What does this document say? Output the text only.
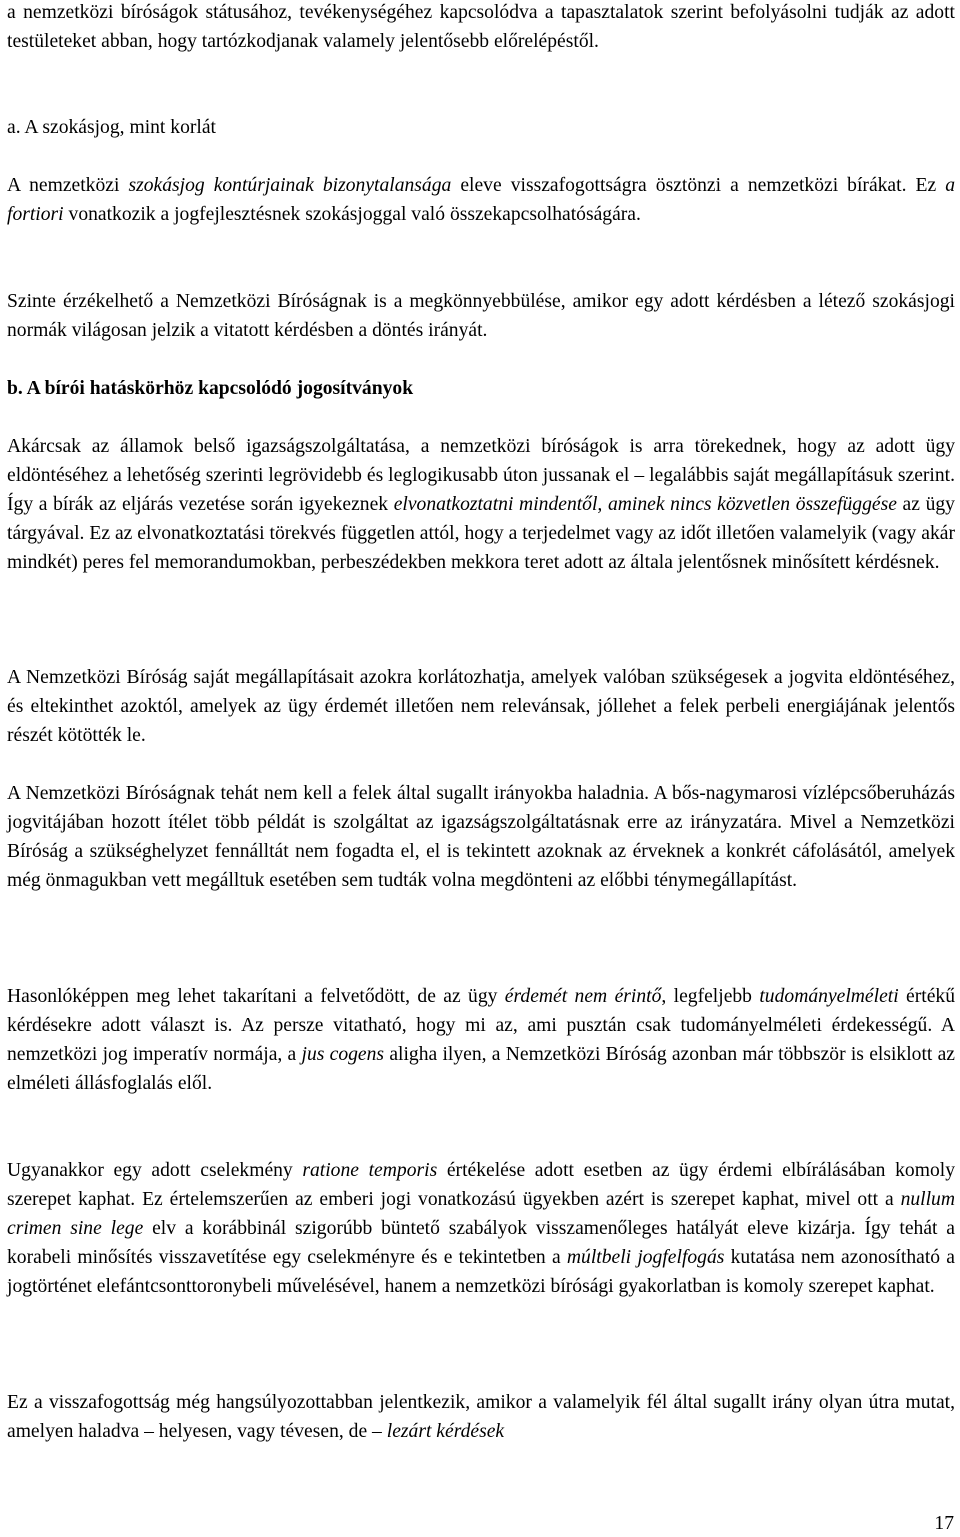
a nemzetközi bíróságok státusához, tevékenységéhez kapcsolódva a tapasztalatok szerint befolyásolni tudják az adott testületeket abban, hogy tartózkodjanak valamely jelentősebb előrelépéstől.

a. A szokásjog, mint korlát

A nemzetközi szokásjog kontúrjainak bizonytalansága eleve visszafogottságra ösztönzi a nemzetközi bírákat. Ez a fortiori vonatkozik a jogfejlesztésnek szokásjoggal való összekapcsolhatóságára.

Szinte érzékelhető a Nemzetközi Bíróságnak is a megkönnyebbülése, amikor egy adott kérdésben a létező szokásjogi normák világosan jelzik a vitatott kérdésben a döntés irányát.

b. A bírói hatáskörhöz kapcsolódó jogosítványok

Akárcsak az államok belső igazságszolgáltatása, a nemzetközi bíróságok is arra törekednek, hogy az adott ügy eldöntéséhez a lehetőség szerinti legrövidebb és leglogikusabb úton jussanak el – legalábbis saját megállapításuk szerint. Így a bírák az eljárás vezetése során igyekeznek elvonatkoztatni mindentől, aminek nincs közvetlen összefüggése az ügy tárgyával. Ez az elvonatkoztatási törekvés független attól, hogy a terjedelmet vagy az időt illetően valamelyik (vagy akár mindkét) peres fel memorandumokban, perbeszédekben mekkora teret adott az általa jelentősnek minősített kérdésnek.

A Nemzetközi Bíróság saját megállapításait azokra korlátozhatja, amelyek valóban szükségesek a jogvita eldöntéséhez, és eltekinthet azoktól, amelyek az ügy érdemét illetően nem relevánsak, jóllehet a felek perbeli energiájának jelentős részét kötötték le.

A Nemzetközi Bíróságnak tehát nem kell a felek által sugallt irányokba haladnia. A bős-nagymarosi vízlépcsőberuházás jogvitájában hozott ítélet több példát is szolgáltat az igazságszolgáltatásnak erre az irányzatára. Mivel a Nemzetközi Bíróság a szükséghelyzet fennálltát nem fogadta el, el is tekintett azoknak az érveknek a konkrét cáfolásától, amelyek még önmagukban vett megálltuk esetében sem tudták volna megdönteni az előbbi ténymegállapítást.

Hasonlóképpen meg lehet takarítani a felvetődött, de az ügy érdemét nem érintő, legfeljebb tudományelméleti értékű kérdésekre adott választ is. Az persze vitatható, hogy mi az, ami pusztán csak tudományelméleti érdekességű. A nemzetközi jog imperatív normája, a jus cogens aligha ilyen, a Nemzetközi Bíróság azonban már többször is elsiklott az elméleti állásfoglalás elől.

Ugyanakkor egy adott cselekmény ratione temporis értékelése adott esetben az ügy érdemi elbírálásában komoly szerepet kaphat. Ez értelemszerűen az emberi jogi vonatkozású ügyekben azért is szerepet kaphat, mivel ott a nullum crimen sine lege elv a korábbinál szigorúbb büntető szabályok visszamenőleges hatályát eleve kizárja. Így tehát a korabeli minősítés visszavetítése egy cselekményre és e tekintetben a múltbeli jogfelfogás kutatása nem azonosítható a jogtörténet elefántcsonttoronybeli művelésével, hanem a nemzetközi bírósági gyakorlatban is komoly szerepet kaphat.

Ez a visszafogottság még hangsúlyozottabban jelentkezik, amikor a valamelyik fél által sugallt irány olyan útra mutat, amelyen haladva – helyesen, vagy tévesen, de – lezárt kérdések

17
